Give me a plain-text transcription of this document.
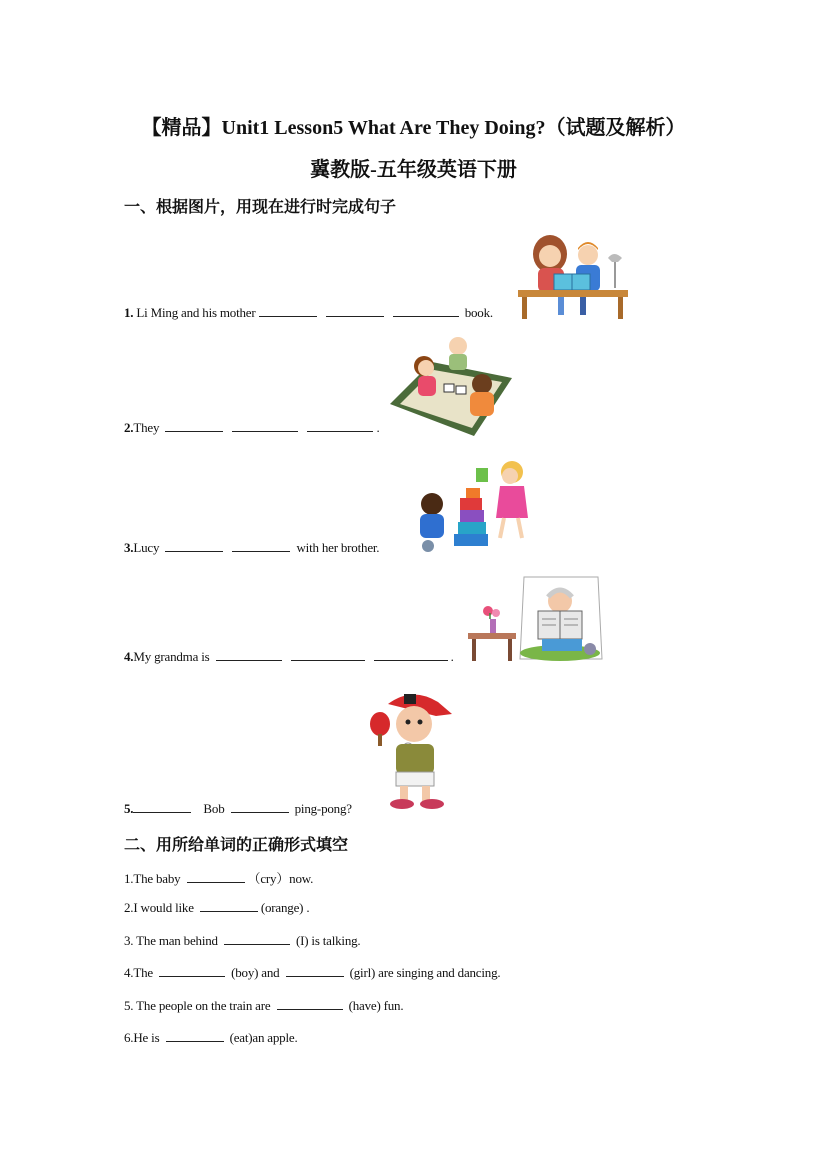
【精品】Unit1 Lesson5 What Are They Doing?（试题及解析）
冀教版-五年级英语下册
一、根据图片，用现在进行时完成句子
1. Li Ming and his mother	book.
2.They	.
3.Lucy	with her brother.
4.My grandma is	.
5.	Bob	ping-pong?
二、用所给单词的正确形式填空
1.The baby	（cry）now.
2.I would like	(orange) .
3. The man behind	(I) is talking.
4.The	(boy) and	(girl) are singing and dancing.
5. The people on the train are	(have) fun.
6.He is	(eat)an apple.
